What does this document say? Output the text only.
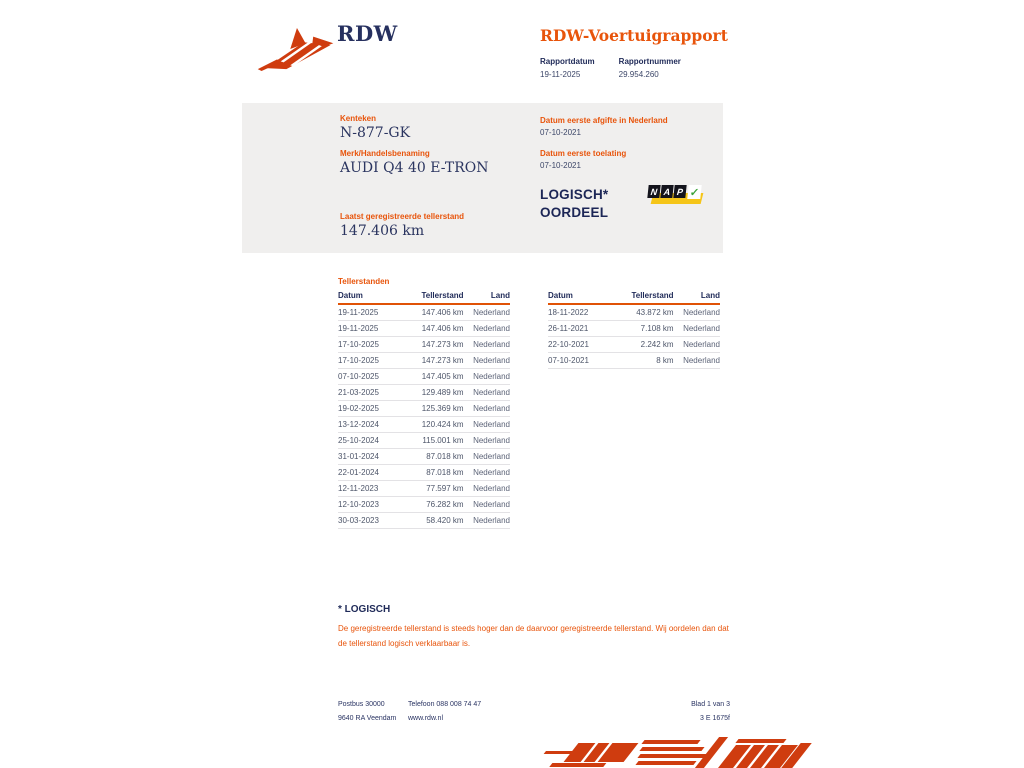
RDW	RDW-Voertuigrapport
Rapportdatum
19-11-2025
Rapportnummer
29.954.260
Kenteken
N-877-GK
Merk/Handelsbenaming
AUDI Q4 40 E-TRON
Laatst geregistreerde tellerstand
147.406 km
Datum eerste afgifte in Nederland
07-10-2021
Datum eerste toelating
07-10-2021
LOGISCH*
OORDEEL
N A P ✓
Tellerstanden
Datum	Tellerstand	Land
19-11-2025	147.406 km	Nederland
19-11-2025	147.406 km	Nederland
17-10-2025	147.273 km	Nederland
17-10-2025	147.273 km	Nederland
07-10-2025	147.405 km	Nederland
21-03-2025	129.489 km	Nederland
19-02-2025	125.369 km	Nederland
13-12-2024	120.424 km	Nederland
25-10-2024	115.001 km	Nederland
31-01-2024	87.018 km	Nederland
22-01-2024	87.018 km	Nederland
12-11-2023	77.597 km	Nederland
12-10-2023	76.282 km	Nederland
30-03-2023	58.420 km	Nederland
Datum	Tellerstand	Land
18-11-2022	43.872 km	Nederland
26-11-2021	7.108 km	Nederland
22-10-2021	2.242 km	Nederland
07-10-2021	8 km	Nederland
* LOGISCH
De geregistreerde tellerstand is steeds hoger dan de daarvoor geregistreerde tellerstand. Wij oordelen dan dat de tellerstand logisch verklaarbaar is.
Postbus 30000
9640 RA Veendam
Telefoon 088 008 74 47
www.rdw.nl
Blad 1 van 3
3 E 1675f
